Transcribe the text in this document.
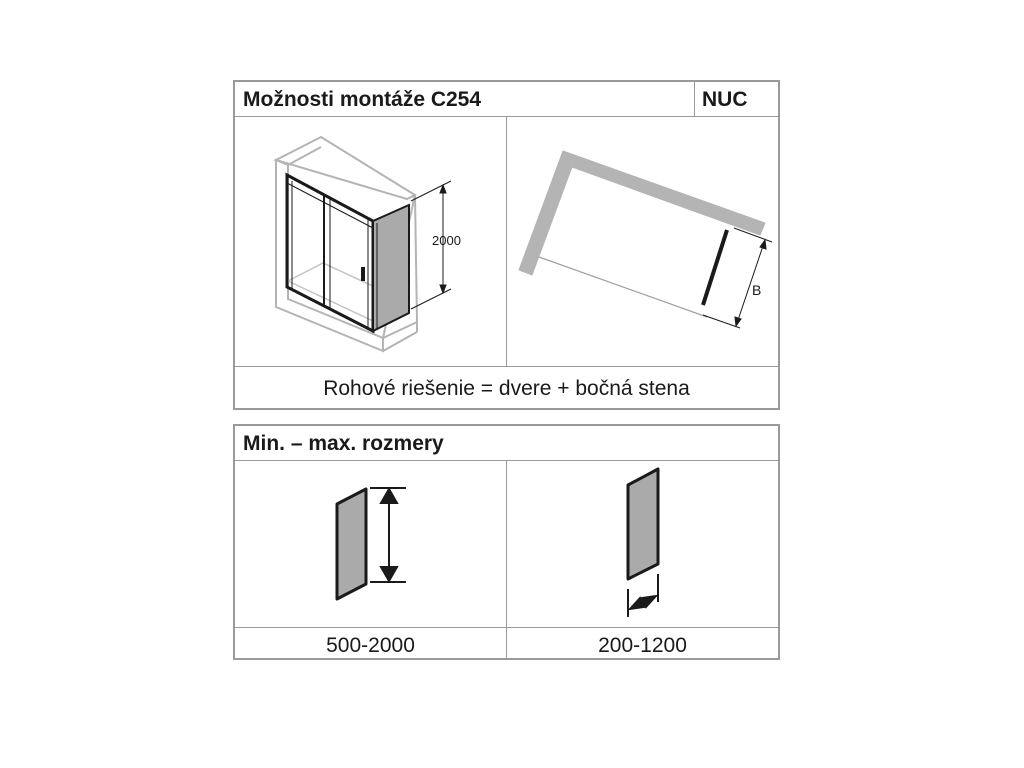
Možnosti montáže C254	NUC
2000
B
Rohové riešenie = dvere + bočná stena
Min. – max. rozmery
500-2000	200-1200
